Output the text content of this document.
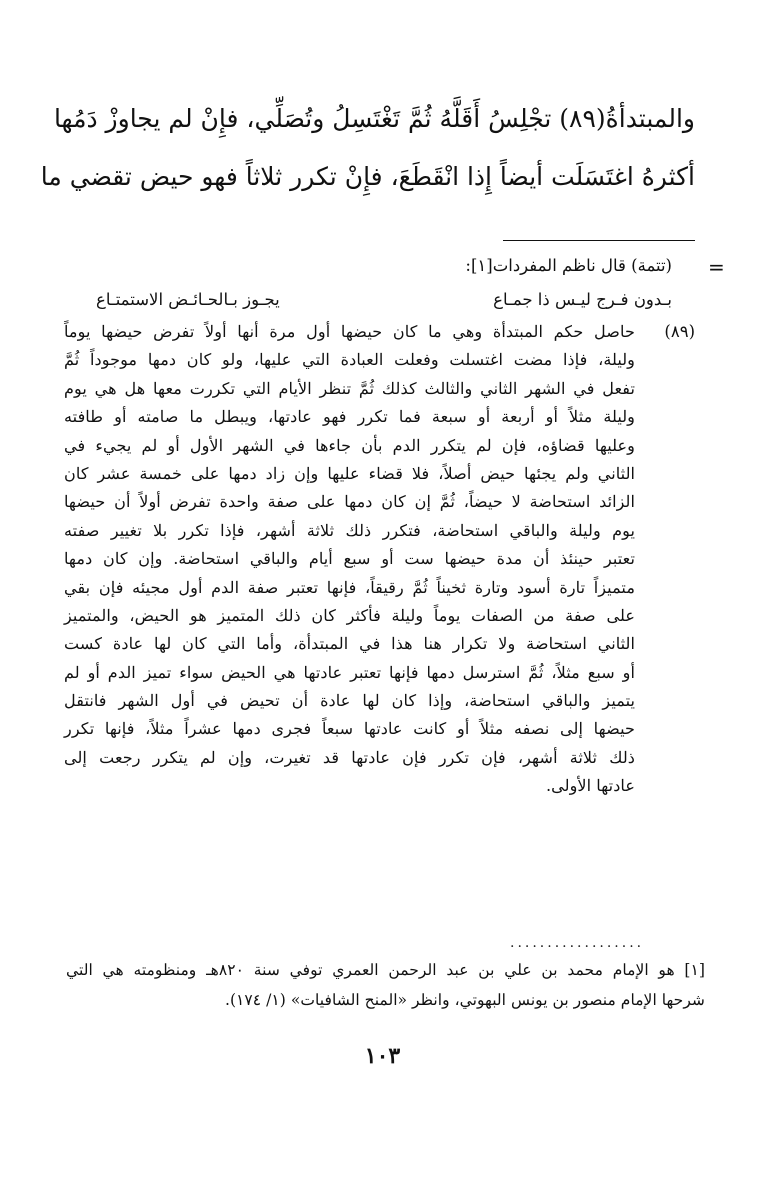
والمبتدأةُ(٨٩) تجْلِسُ أَقَلَّهُ ثُمَّ تَغْتَسِلُ وتُصَلِّي، فإِنْ لم يجاوزْ دَمُها
أكثرهُ اغتَسَلَت أيضاً إِذا انْقَطَعَ، فإِنْ تكرر ثلاثاً فهو حيض تقضي ما
=
(تتمة) قال ناظم المفردات[١]:
يجـوز بـالحـائـض الاستمتـاع	بـدون فـرج ليـس ذا جمـاع
(٨٩)
حاصل حكم المبتدأة وهي ما كان حيضها أول مرة أنها أولاً تفرض حيضها يوماً
وليلة، فإذا مضت اغتسلت وفعلت العبادة التي عليها، ولو كان دمها موجوداً ثُمَّ
تفعل في الشهر الثاني والثالث كذلك ثُمَّ تنظر الأيام التي تكررت معها هل هي يوم
وليلة مثلاً أو أربعة أو سبعة فما تكرر فهو عادتها، ويبطل ما صامته أو طافته
وعليها قضاؤه، فإن لم يتكرر الدم بأن جاءها في الشهر الأول أو لم يجيء في
الثاني ولم يجئها حيض أصلاً، فلا قضاء عليها وإن زاد دمها على خمسة عشر كان
الزائد استحاضة لا حيضاً، ثُمَّ إن كان دمها على صفة واحدة تفرض أولاً أن حيضها
يوم وليلة والباقي استحاضة، فتكرر ذلك ثلاثة أشهر، فإذا تكرر بلا تغيير صفته
تعتبر حينئذ أن مدة حيضها ست أو سبع أيام والباقي استحاضة. وإن كان دمها
متميزاً تارة أسود وتارة ثخيناً ثُمَّ رقيقاً، فإنها تعتبر صفة الدم أول مجيئه فإن بقي
على صفة من الصفات يوماً وليلة فأكثر كان ذلك المتميز هو الحيض، والمتميز
الثاني استحاضة ولا تكرار هنا هذا في المبتدأة، وأما التي كان لها عادة كست
أو سبع مثلاً، ثُمَّ استرسل دمها فإنها تعتبر عادتها هي الحيض سواء تميز الدم أو لم
يتميز والباقي استحاضة، وإذا كان لها عادة أن تحيض في أول الشهر فانتقل
حيضها إلى نصفه مثلاً أو كانت عادتها سبعاً فجرى دمها عشراً مثلاً، فإنها تكرر
ذلك ثلاثة أشهر، فإن تكرر فإن عادتها قد تغيرت، وإن لم يتكرر رجعت إلى
عادتها الأولى.
..................
[١] هو الإمام محمد بن علي بن عبد الرحمن العمري توفي سنة ٨٢٠هـ ومنظومته هي التي
شرحها الإمام منصور بن يونس البهوتي، وانظر «المنح الشافيات» (١/ ١٧٤).
١٠٣
